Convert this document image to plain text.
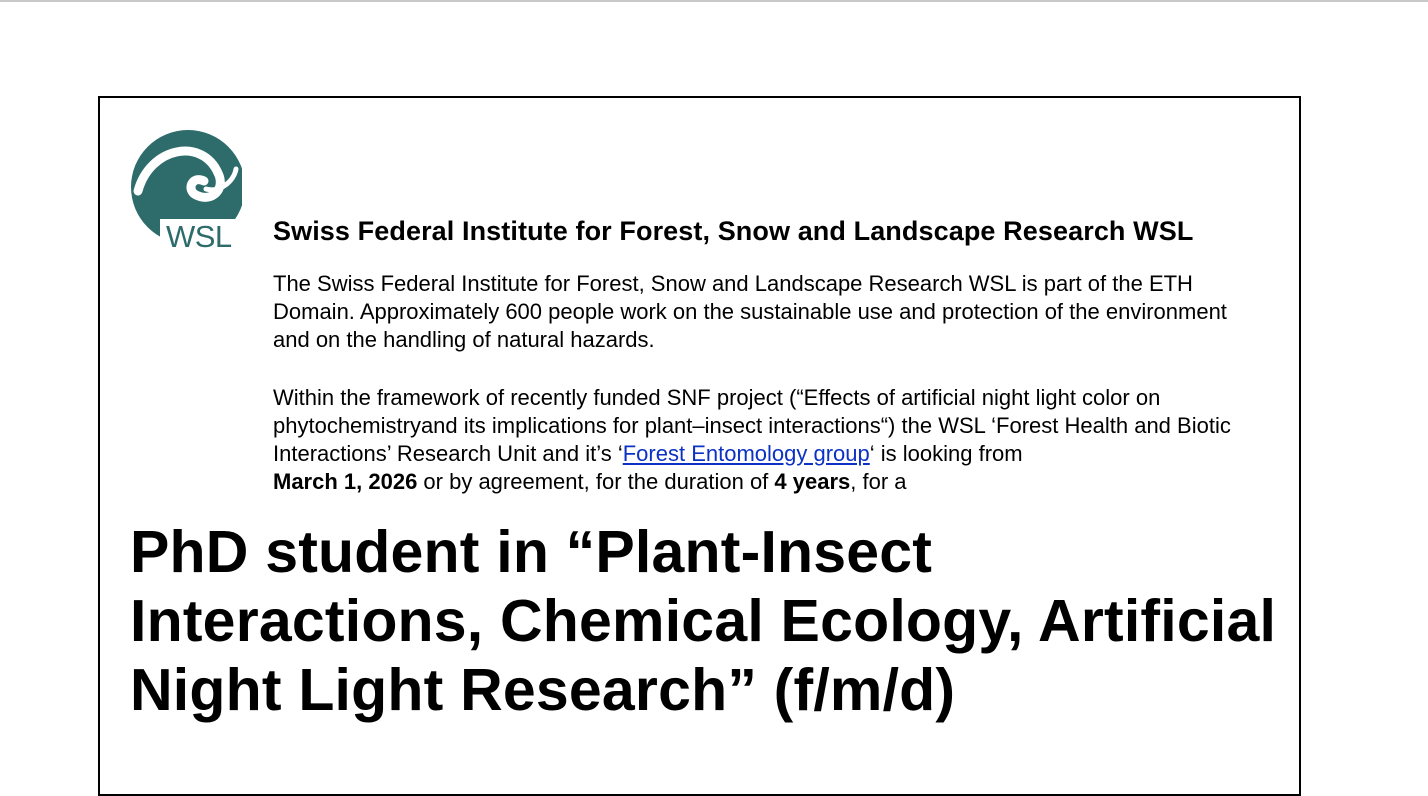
WSL Swiss Federal Institute for Forest, Snow and Landscape Research WSL

The Swiss Federal Institute for Forest, Snow and Landscape Research WSL is part of the ETH Domain. Approximately 600 people work on the sustainable use and protection of the environment and on the handling of natural hazards.

Within the framework of recently funded SNF project (“Effects of artificial night light color on phytochemistryand its implications for plant–insect interactions“) the WSL ‘Forest Health and Biotic Interactions’ Research Unit and it’s ‘Forest Entomology group‘ is looking from
March 1, 2026 or by agreement, for the duration of 4 years, for a

PhD student in “Plant-Insect Interactions, Chemical Ecology, Artificial Night Light Research” (f/m/d)
